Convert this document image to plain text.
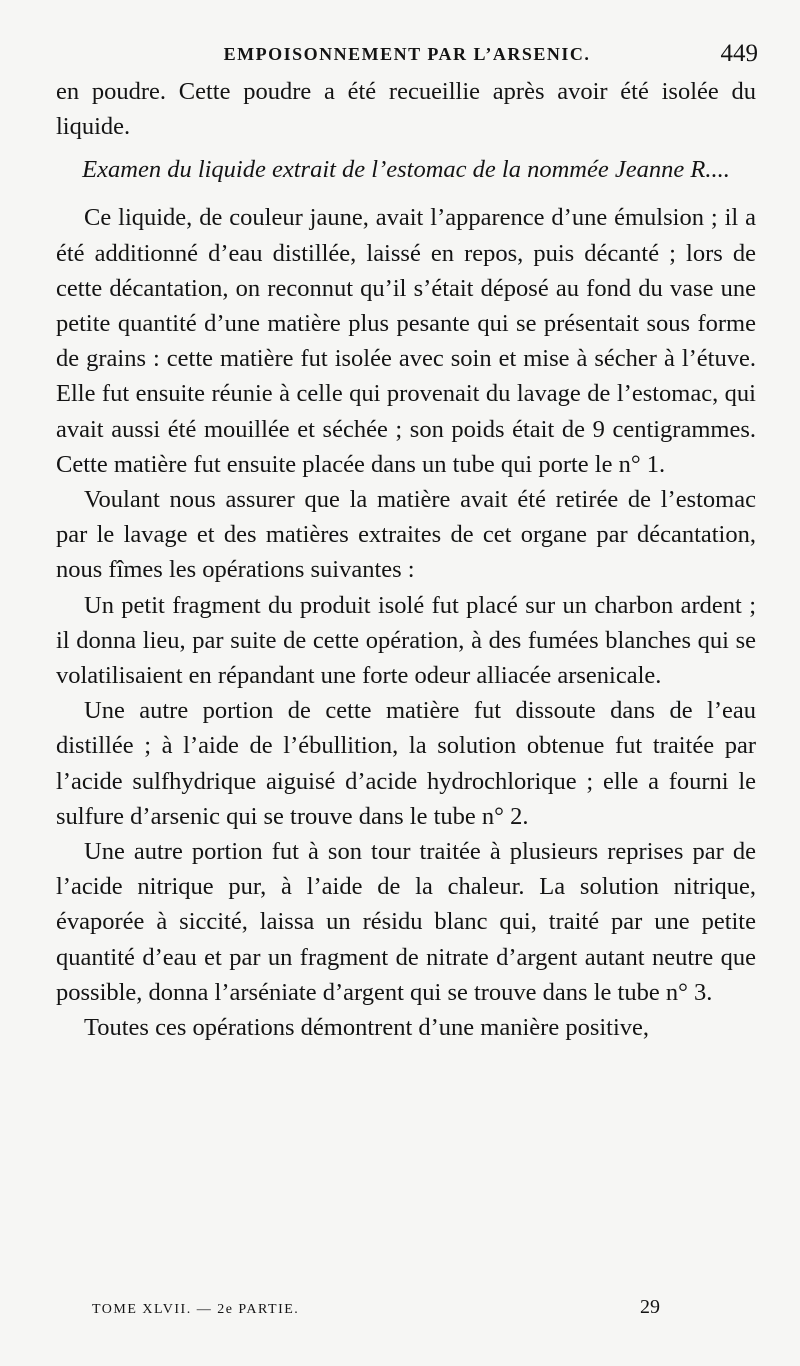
EMPOISONNEMENT PAR L’ARSENIC.	449

en poudre. Cette poudre a été recueillie après avoir été isolée du liquide.

Examen du liquide extrait de l’estomac de la nommée Jeanne R....

Ce liquide, de couleur jaune, avait l’apparence d’une émulsion ; il a été additionné d’eau distillée, laissé en repos, puis décanté ; lors de cette décantation, on reconnut qu’il s’était déposé au fond du vase une petite quantité d’une matière plus pesante qui se présentait sous forme de grains : cette matière fut isolée avec soin et mise à sécher à l’étuve. Elle fut ensuite réunie à celle qui provenait du lavage de l’estomac, qui avait aussi été mouillée et séchée ; son poids était de 9 centigrammes. Cette matière fut ensuite placée dans un tube qui porte le n° 1.

Voulant nous assurer que la matière avait été retirée de l’estomac par le lavage et des matières extraites de cet organe par décantation, nous fîmes les opérations suivantes :

Un petit fragment du produit isolé fut placé sur un charbon ardent ; il donna lieu, par suite de cette opération, à des fumées blanches qui se volatilisaient en répandant une forte odeur alliacée arsenicale.

Une autre portion de cette matière fut dissoute dans de l’eau distillée ; à l’aide de l’ébullition, la solution obtenue fut traitée par l’acide sulfhydrique aiguisé d’acide hydrochlorique ; elle a fourni le sulfure d’arsenic qui se trouve dans le tube n° 2.

Une autre portion fut à son tour traitée à plusieurs reprises par de l’acide nitrique pur, à l’aide de la chaleur. La solution nitrique, évaporée à siccité, laissa un résidu blanc qui, traité par une petite quantité d’eau et par un fragment de nitrate d’argent autant neutre que possible, donna l’arséniate d’argent qui se trouve dans le tube n° 3.

Toutes ces opérations démontrent d’une manière positive,

TOME XLVII. — 2e PARTIE.	29
